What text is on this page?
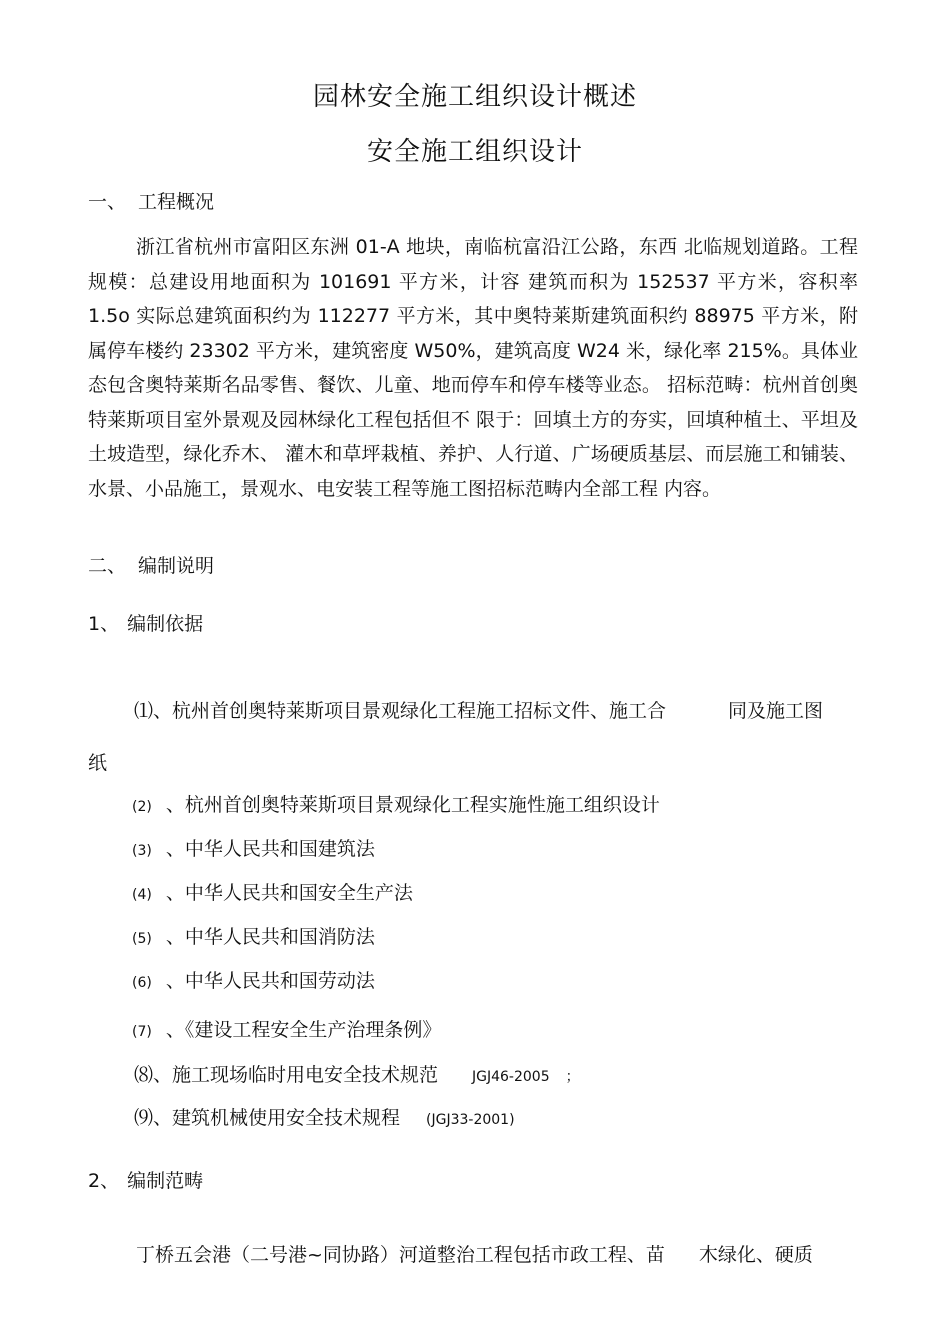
园林安全施工组织设计概述
安全施工组织设计
一、 工程概况
浙江省杭州市富阳区东洲 01-A 地块，南临杭富沿江公路，东西 北临规划道路。工程规模：总建设用地面积为 101691 平方米，计容 建筑而积为 152537 平方米，容积率 1.5o 实际总建筑面积约为 112277 平方米，其中奥特莱斯建筑面积约 88975 平方米，附属停车楼约 23302 平方米，建筑密度 W50%，建筑高度 W24 米，绿化率 215%。具体业 态包含奥特莱斯名品零售、餐饮、儿童、地而停车和停车楼等业态。 招标范畴：杭州首创奥特莱斯项目室外景观及园林绿化工程包括但不 限于：回填土方的夯实，回填种植土、平坦及土坡造型，绿化乔木、 灌木和草坪栽植、养护、人行道、广场硬质基层、而层施工和铺装、 水景、小品施工，景观水、电安装工程等施工图招标范畴内全部工程 内容。
二、 编制说明
1、 编制依据
⑴、杭州首创奥特莱斯项目景观绿化工程施工招标文件、施工合	同及施工图
纸
(2) 、杭州首创奥特莱斯项目景观绿化工程实施性施工组织设计
(3) 、中华人民共和国建筑法
(4) 、中华人民共和国安全生产法
(5) 、中华人民共和国消防法
(6) 、中华人民共和国劳动法
(7) 、《建设工程安全生产治理条例》
⑻、施工现场临时用电安全技术规范 JGJ46-2005 ；
⑼、建筑机械使用安全技术规程 (JGJ33-2001)
2、 编制范畴
丁桥五会港（二号港~同协路）河道整治工程包括市政工程、苗 木绿化、硬质
